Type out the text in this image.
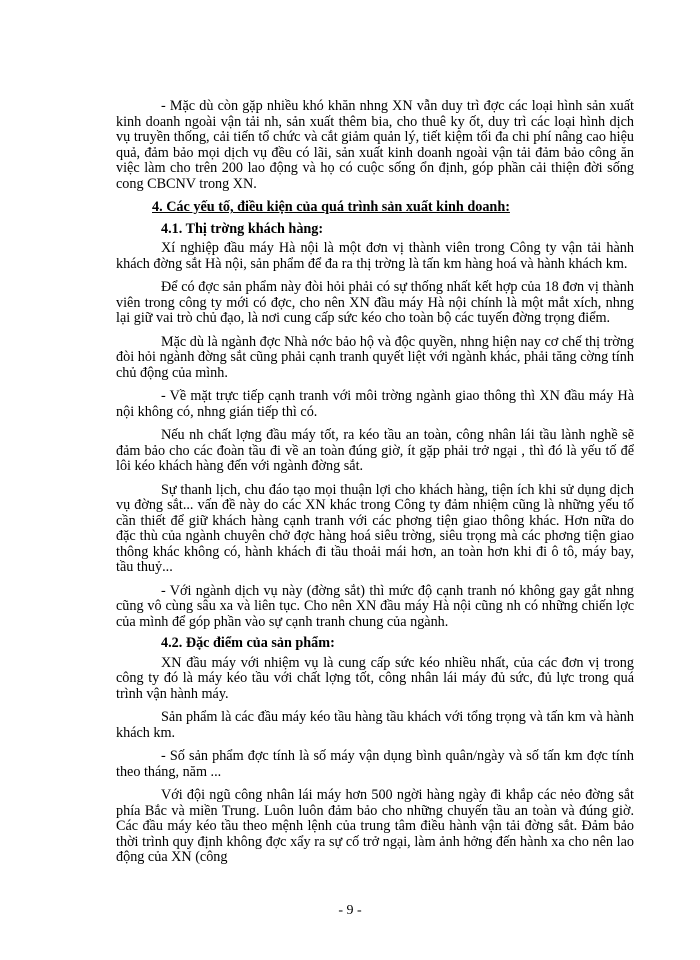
- Mặc dù còn gặp nhiều khó khăn nhng XN vẫn duy trì đợc các loại hình sản xuất kinh doanh ngoài vận tải nh, sản xuất thêm bia, cho thuê ky ốt, duy trì các loại hình dịch vụ truyền thống, cải tiến tổ chức và cắt giảm quản lý, tiết kiệm tối đa chi phí nâng cao hiệu quả, đảm bảo mọi dịch vụ đều có lãi, sản xuất kinh doanh ngoài vận tải đảm bảo công ăn việc làm cho trên 200 lao động và họ có cuộc sống ổn định, góp phần cải thiện đời sống cong CBCNV trong XN.

4. Các yếu tố, điều kiện của quá trình sản xuất kinh doanh:
4.1. Thị trờng khách hàng:

Xí nghiệp đầu máy Hà nội là một đơn vị thành viên trong Công ty vận tải hành khách đờng sắt Hà nội, sản phẩm để đa ra thị trờng là tấn km hàng hoá và hành khách km.

Để có đợc sản phẩm này đòi hỏi phải có sự thống nhất kết hợp của 18 đơn vị thành viên trong công ty mới có đợc, cho nên XN đầu máy Hà nội chính là một mắt xích, nhng lại giữ vai trò chủ đạo, là nơi cung cấp sức kéo cho toàn bộ các tuyến đờng trọng điểm.

Mặc dù là ngành đợc Nhà nớc bảo hộ và độc quyền, nhng hiện nay cơ chế thị trờng đòi hỏi ngành đờng sắt cũng phải cạnh tranh quyết liệt với ngành khác, phải tăng cờng tính chủ động của mình.

- Về mặt trực tiếp cạnh tranh với môi trờng ngành giao thông thì XN đầu máy Hà nội không có, nhng gián tiếp thì có.

Nếu nh chất lợng đầu máy tốt, ra kéo tầu an toàn, công nhân lái tầu lành nghề sẽ đảm bảo cho các đoàn tầu đi về an toàn đúng giờ, ít gặp phải trở ngại , thì đó là yếu tố để lôi kéo khách hàng đến với ngành đờng sắt.

Sự thanh lịch, chu đáo tạo mọi thuận lợi cho khách hàng, tiện ích khi sử dụng dịch vụ đờng sắt... vấn đề này do các XN khác trong Công ty đảm nhiệm cũng là những yếu tố cần thiết để giữ khách hàng cạnh tranh với các phơng tiện giao thông khác. Hơn nữa do đặc thù của ngành chuyên chở đợc hàng hoá siêu trờng, siêu trọng mà các phơng tiện giao thông khác không có, hành khách đi tầu thoải mái hơn, an toàn hơn khi đi ô tô, máy bay, tầu thuỷ...

- Với ngành dịch vụ này (đờng sắt) thì mức độ cạnh tranh nó không gay gắt nhng cũng vô cùng sâu xa và liên tục. Cho nên XN đầu máy Hà nội cũng nh có những chiến lợc của mình để góp phần vào sự cạnh tranh chung của ngành.

4.2. Đặc điểm của sản phẩm:

XN đầu máy với nhiệm vụ là cung cấp sức kéo nhiều nhất, của các đơn vị trong công ty đó là máy kéo tầu với chất lợng tốt, công nhân lái máy đủ sức, đủ lực trong quá trình vận hành máy.

Sản phẩm là các đầu máy kéo tầu hàng tầu khách với tổng trọng và tấn km và hành khách km.

- Số sản phẩm đợc tính là số máy vận dụng bình quân/ngày và số tấn km đợc tính theo tháng, năm ...

Với đội ngũ công nhân lái máy hơn 500 ngời hàng ngày đi khắp các nẻo đờng sắt phía Bắc và miền Trung. Luôn luôn đảm bảo cho những chuyến tầu an toàn và đúng giờ. Các đầu máy kéo tầu theo mệnh lệnh của trung tâm điều hành vận tải đờng sắt. Đảm bảo thời trình quy định không đợc xẩy ra sự cố trở ngại, làm ảnh hởng đến hành xa cho nên lao động của XN (công

- 9 -
